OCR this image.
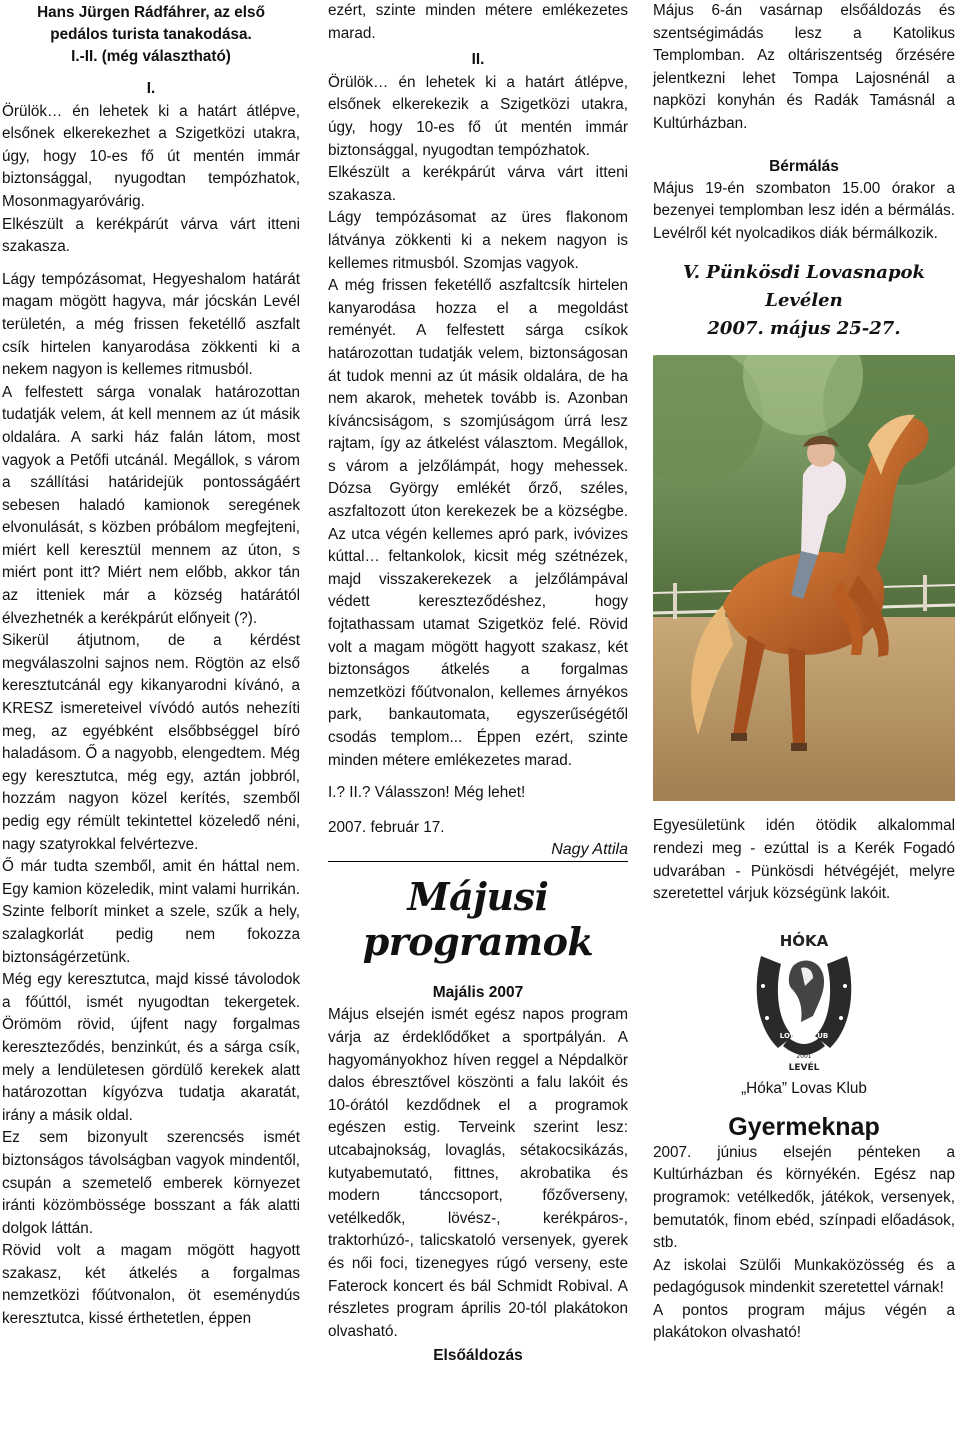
Hans Jürgen Rádfáhrer, az első
pedálos turista tanakodása.
I.-II. (még választható)

I.

Örülök… én lehetek ki a határt átlépve, elsőnek elkerekezhet a Szigetközi utakra, úgy, hogy 10-es fő út mentén immár biztonsággal, nyugodtan tempózhatok, Mosonmagyaróvárig.

Elkészült a kerékpárút várva várt itteni szakasza.

Lágy tempózásomat, Hegyeshalom határát magam mögött hagyva, már jócskán Levél területén, a még frissen feketéllő aszfalt csík hirtelen kanyarodása zökkenti ki a nekem nagyon is kellemes ritmusból.

A felfestett sárga vonalak határozottan tudatják velem, át kell mennem az út másik oldalára. A sarki ház falán látom, most vagyok a Petőfi utcánál. Megállok, s várom a szállítási határidejük pontosságáért sebesen haladó kamionok seregének elvonulását, s közben próbálom megfejteni, miért kell keresztül mennem az úton, s miért pont itt? Miért nem előbb, akkor tán az itteniek már a község határától élvezhetnék a kerékpárút előnyeit (?).

Sikerül átjutnom, de a kérdést megválaszolni sajnos nem. Rögtön az első keresztutcánál egy kikanyarodni kívánó, a KRESZ ismereteivel vívódó autós nehezíti meg, az egyébként elsőbbséggel bíró haladásom. Ő a nagyobb, elengedtem. Még egy keresztutca, még egy, aztán jobbról, hozzám nagyon közel kerítés, szemből pedig egy rémült tekintettel közeledő néni, nagy szatyrokkal felvértezve.

Ő már tudta szemből, amit én háttal nem. Egy kamion közeledik, mint valami hurrikán. Szinte felborít minket a szele, szűk a hely, szalagkorlát pedig nem fokozza biztonságérzetünk.

Még egy keresztutca, majd kissé távolodok a főúttól, ismét nyugodtan tekergetek. Örömöm rövid, újfent nagy forgalmas kereszteződés, benzinkút, és a sárga csík, mely a lendületesen gördülő kerekek alatt határozottan kígyózva tudatja akaratát, irány a másik oldal.

Ez sem bizonyult szerencsés ismét biztonságos távolságban vagyok mindentől, csupán a szemetelő emberek környezet iránti közömbössége bosszant a fák alatti dolgok láttán.

Rövid volt a magam mögött hagyott szakasz, két átkelés a forgalmas nemzetközi főútvonalon, öt eseménydús keresztutca, kissé érthetetlen, éppen

ezért, szinte minden métere emlékezetes marad.

II.

Örülök… én lehetek ki a határt átlépve, elsőnek elkerekezik a Szigetközi utakra, úgy, hogy 10-es fő út mentén immár biztonsággal, nyugodtan tempózhatok.

Elkészült a kerékpárút várva várt itteni szakasza.

Lágy tempózásomat az üres flakonom látványa zökkenti ki a nekem nagyon is kellemes ritmusból. Szomjas vagyok.

A még frissen feketéllő aszfaltcsík hirtelen kanyarodása hozza el a megoldást reményét. A felfestett sárga csíkok határozottan tudatják velem, biztonságosan át tudok menni az út másik oldalára, de ha nem akarok, mehetek tovább is. Azonban kíváncsiságom, s szomjúságom úrrá lesz rajtam, így az átkelést választom. Megállok, s várom a jelzőlámpát, hogy mehessek. Dózsa György emlékét őrző, széles, aszfaltozott úton kerekezek be a községbe. Az utca végén kellemes apró park, ivóvizes kúttal… feltankolok, kicsit még szétnézek, majd visszakerekezek a jelzőlámpával védett kereszteződéshez, hogy fojtathassam utamat Szigetköz felé. Rövid volt a magam mögött hagyott szakasz, két biztonságos átkelés a forgalmas nemzetközi főútvonalon, kellemes árnyékos park, bankautomata, egyszerűségétől csodás templom... Éppen ezért, szinte minden métere emlékezetes marad.

I.? II.? Válasszon! Még lehet!

2007. február 17.

Nagy Attila
Májusi programok
Majális 2007

Május elsején ismét egész napos program várja az érdeklődőket a sportpályán. A hagyományokhoz híven reggel a Népdalkör dalos ébresztővel köszönti a falu lakóit és 10-órától kezdődnek el a programok egészen estig. Terveink szerint lesz: utcabajnokság, lovaglás, sétakocsikázás, kutyabemutató, fittnes, akrobatika és modern tánccsoport, főzőverseny, vetélkedők, lövész-, kerékpáros-, traktorhúzó-, talicskatoló versenyek, gyerek és női foci, tizenegyes rúgó verseny, este Faterock koncert és bál Schmidt Robival. A részletes program április 20-tól plakátokon olvasható.

Elsőáldozás

Május 6-án vasárnap elsőáldozás és szentségimádás lesz a Katolikus Templomban. Az oltáriszentség őrzésére jelentkezni lehet Tompa Lajosnénál a napközi konyhán és Radák Tamásnál a Kultúrházban.

Bérmálás

Május 19-én szombaton 15.00 órakor a bezenyei templomban lesz idén a bérmálás. Levélről két nyolcadikos diák bérmálkozik.

V. Pünkösdi Lovasnapok Levélen
2007. május 25-27.

Egyesületünk idén ötödik alkalommal rendezi meg - ezúttal is a Kerék Fogadó udvarában - Pünkösdi hétvégéjét, melyre szeretettel várjuk községünk lakóit.

HÓKA
LOVAS KLUB
2001
LEVÉL
„Hóka” Lovas Klub
Gyermeknap

2007. június elsején pénteken a Kultúrházban és környékén. Egész nap programok: vetélkedők, játékok, versenyek, bemutatók, finom ebéd, színpadi előadások, stb.

Az iskolai Szülői Munkaközösség és a pedagógusok mindenkit szeretettel várnak!

A pontos program május végén a plakátokon olvasható!
